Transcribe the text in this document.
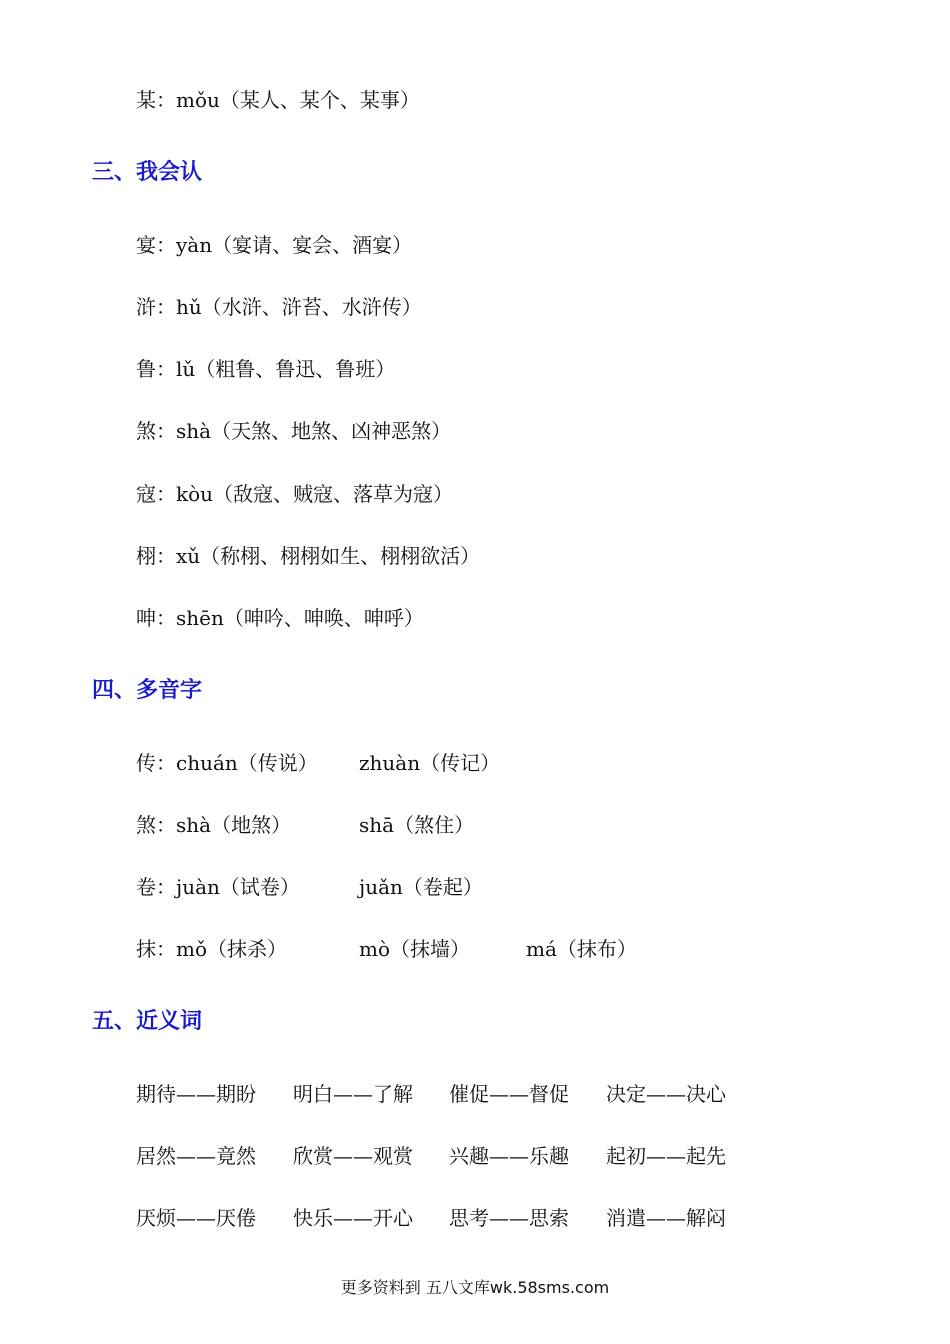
某：mǒu（某人、某个、某事）
三、我会认
宴：yàn（宴请、宴会、酒宴）
浒：hǔ（水浒、浒苔、水浒传）
鲁：lǔ（粗鲁、鲁迅、鲁班）
煞：shà（天煞、地煞、凶神恶煞）
寇：kòu（敌寇、贼寇、落草为寇）
栩：xǔ（称栩、栩栩如生、栩栩欲活）
呻：shēn（呻吟、呻唤、呻呼）
四、多音字
传：chuán（传说） zhuàn（传记）
煞：shà（地煞）	shā（煞住）
卷：juàn（试卷）	juǎn（卷起）
抹：mǒ（抹杀）	mò（抹墙）	má（抹布）
五、近义词
期待——期盼 明白——了解 催促——督促 决定——决心
居然——竟然 欣赏——观赏 兴趣——乐趣 起初——起先
厌烦——厌倦 快乐——开心 思考——思索 消遣——解闷
更多资料到 五八文库wk.58sms.com
